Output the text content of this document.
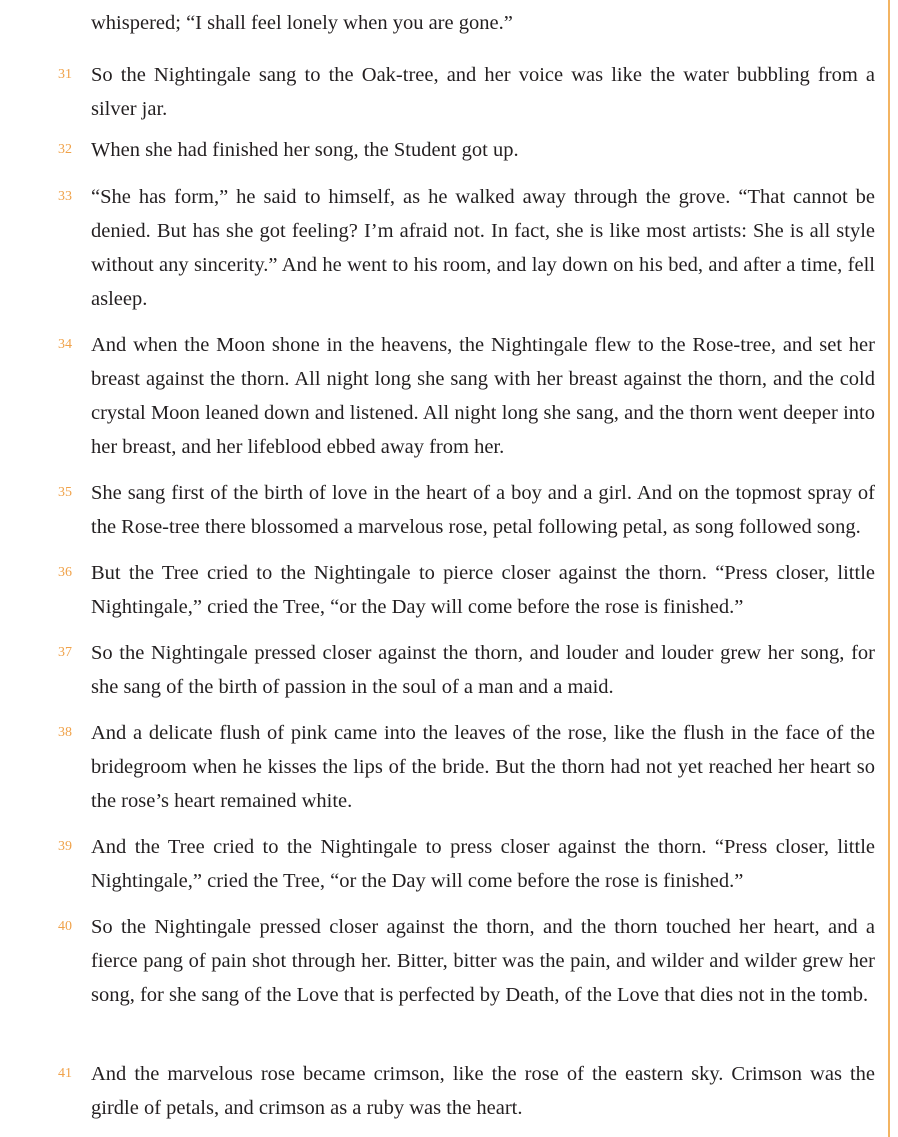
whispered; “I shall feel lonely when you are gone.”
31 So the Nightingale sang to the Oak-tree, and her voice was like the water bubbling from a silver jar.
32 When she had finished her song, the Student got up.
33 “She has form,” he said to himself, as he walked away through the grove. “That cannot be denied. But has she got feeling? I’m afraid not. In fact, she is like most artists: She is all style without any sincerity.” And he went to his room, and lay down on his bed, and after a time, fell asleep.
34 And when the Moon shone in the heavens, the Nightingale flew to the Rose-tree, and set her breast against the thorn. All night long she sang with her breast against the thorn, and the cold crystal Moon leaned down and listened. All night long she sang, and the thorn went deeper into her breast, and her lifeblood ebbed away from her.
35 She sang first of the birth of love in the heart of a boy and a girl. And on the topmost spray of the Rose-tree there blossomed a marvelous rose, petal following petal, as song followed song.
36 But the Tree cried to the Nightingale to pierce closer against the thorn. “Press closer, little Nightingale,” cried the Tree, “or the Day will come before the rose is finished.”
37 So the Nightingale pressed closer against the thorn, and louder and louder grew her song, for she sang of the birth of passion in the soul of a man and a maid.
38 And a delicate flush of pink came into the leaves of the rose, like the flush in the face of the bridegroom when he kisses the lips of the bride. But the thorn had not yet reached her heart so the rose’s heart remained white.
39 And the Tree cried to the Nightingale to press closer against the thorn. “Press closer, little Nightingale,” cried the Tree, “or the Day will come before the rose is finished.”
40 So the Nightingale pressed closer against the thorn, and the thorn touched her heart, and a fierce pang of pain shot through her. Bitter, bitter was the pain, and wilder and wilder grew her song, for she sang of the Love that is perfected by Death, of the Love that dies not in the tomb.
41 And the marvelous rose became crimson, like the rose of the eastern sky. Crimson was the girdle of petals, and crimson as a ruby was the heart.
